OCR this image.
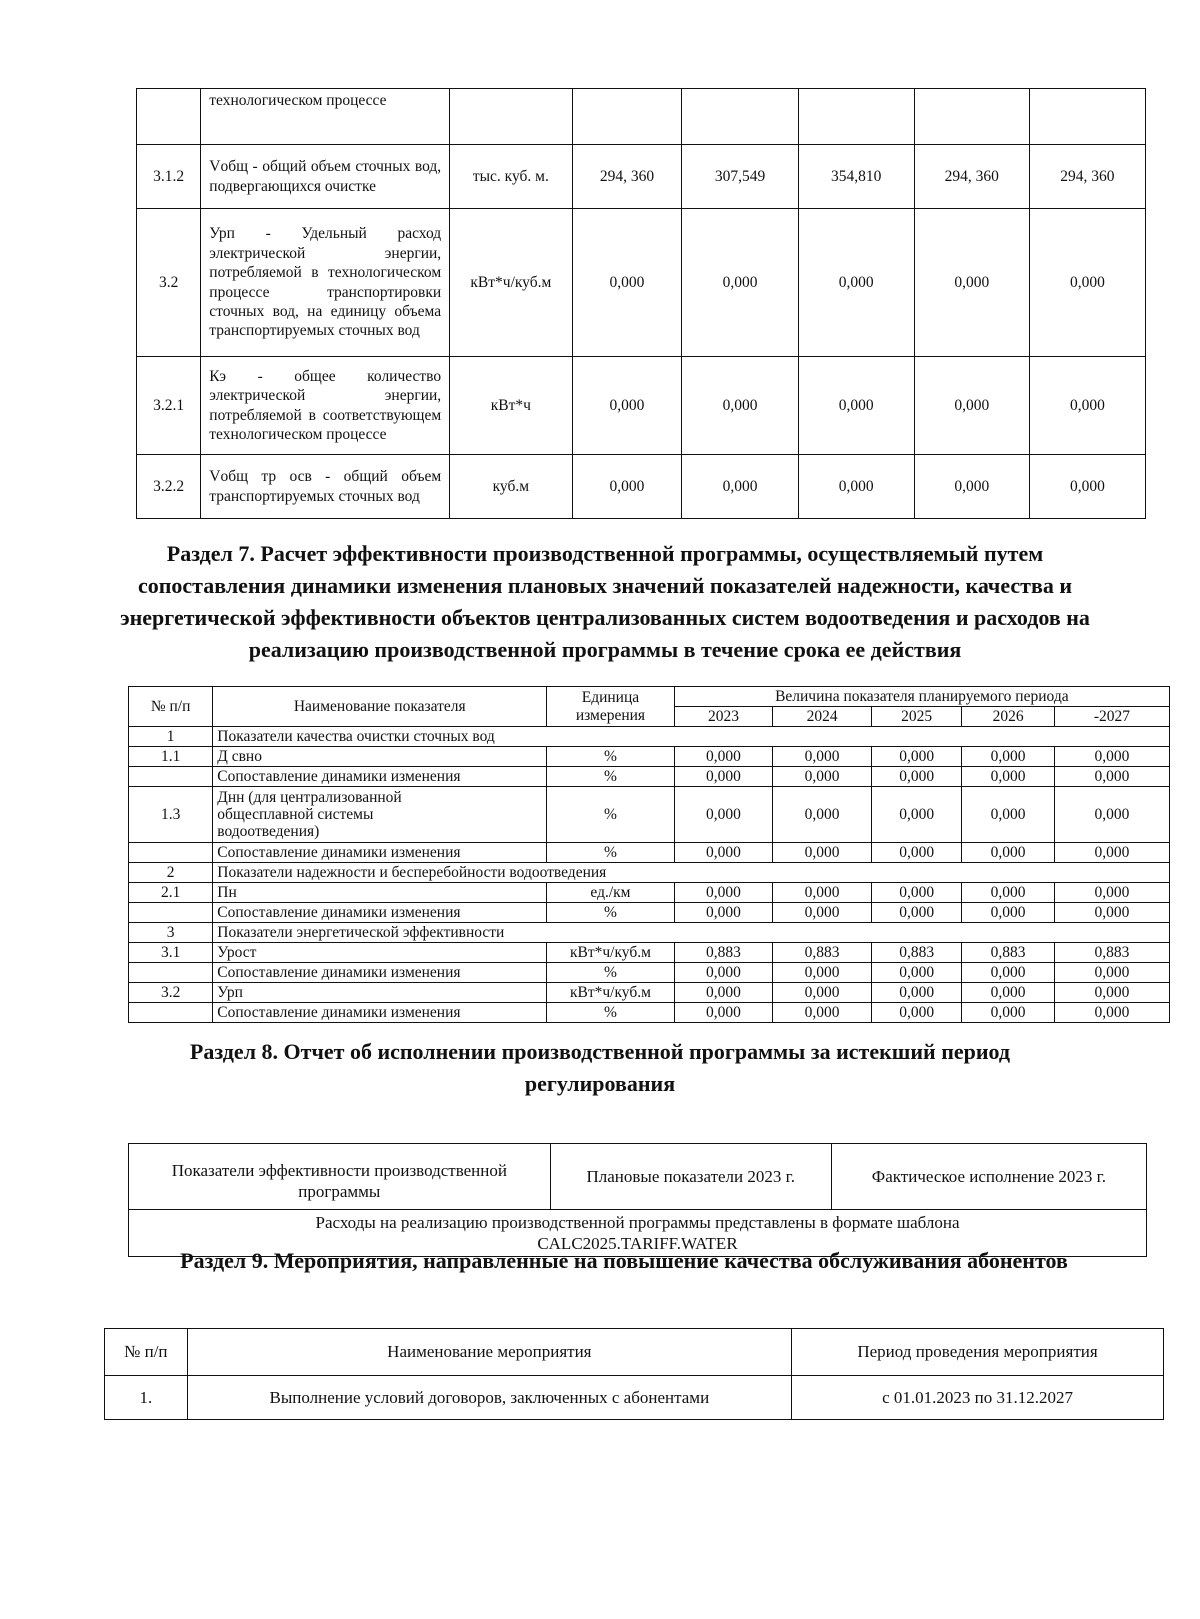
	технологическом процессе						
3.1.2	Vобщ - общий объем сточных вод, подвергающихся очистке	тыс. куб. м.	294, 360	307,549	354,810	294, 360	294, 360
3.2	Урп - Удельный расход электрической энергии, потребляемой в технологическом процессе транспортировки сточных вод, на единицу объема транспортируемых сточных вод	кВт*ч/куб.м	0,000	0,000	0,000	0,000	0,000
3.2.1	Кэ - общее количество электрической энергии, потребляемой в соответствующем технологическом процессе	кВт*ч	0,000	0,000	0,000	0,000	0,000
3.2.2	Vобщ тр осв - общий объем транспортируемых сточных вод	куб.м	0,000	0,000	0,000	0,000	0,000
Раздел 7. Расчет эффективности производственной программы, осуществляемый путем сопоставления динамики изменения плановых значений показателей надежности, качества и энергетической эффективности объектов централизованных систем водоотведения и расходов на реализацию производственной программы в течение срока ее действия
№ п/п	Наименование показателя	Единица измерения	Величина показателя планируемого периода				
			2023	2024	2025	2026	-2027
1	Показатели качества очистки сточных вод						
1.1	Д свно	%	0,000	0,000	0,000	0,000	0,000
	Сопоставление динамики изменения	%	0,000	0,000	0,000	0,000	0,000
1.3	Днн (для централизованной общесплавной системы водоотведения)	%	0,000	0,000	0,000	0,000	0,000
	Сопоставление динамики изменения	%	0,000	0,000	0,000	0,000	0,000
2	Показатели надежности и бесперебойности водоотведения						
2.1	Пн	ед./км	0,000	0,000	0,000	0,000	0,000
	Сопоставление динамики изменения	%	0,000	0,000	0,000	0,000	0,000
3	Показатели энергетической эффективности						
3.1	Урост	кВт*ч/куб.м	0,883	0,883	0,883	0,883	0,883
	Сопоставление динамики изменения	%	0,000	0,000	0,000	0,000	0,000
3.2	Урп	кВт*ч/куб.м	0,000	0,000	0,000	0,000	0,000
	Сопоставление динамики изменения	%	0,000	0,000	0,000	0,000	0,000
Раздел 8. Отчет об исполнении производственной программы за истекший период регулирования
Показатели эффективности производственной программы	Плановые показатели 2023 г.	Фактическое исполнение 2023 г.
Расходы на реализацию производственной программы представлены в формате шаблона CALC2025.TARIFF.WATER
Раздел 9. Мероприятия, направленные на повышение качества обслуживания абонентов
№ п/п	Наименование мероприятия	Период проведения мероприятия
1.	Выполнение условий договоров, заключенных с абонентами	с 01.01.2023 по 31.12.2027
